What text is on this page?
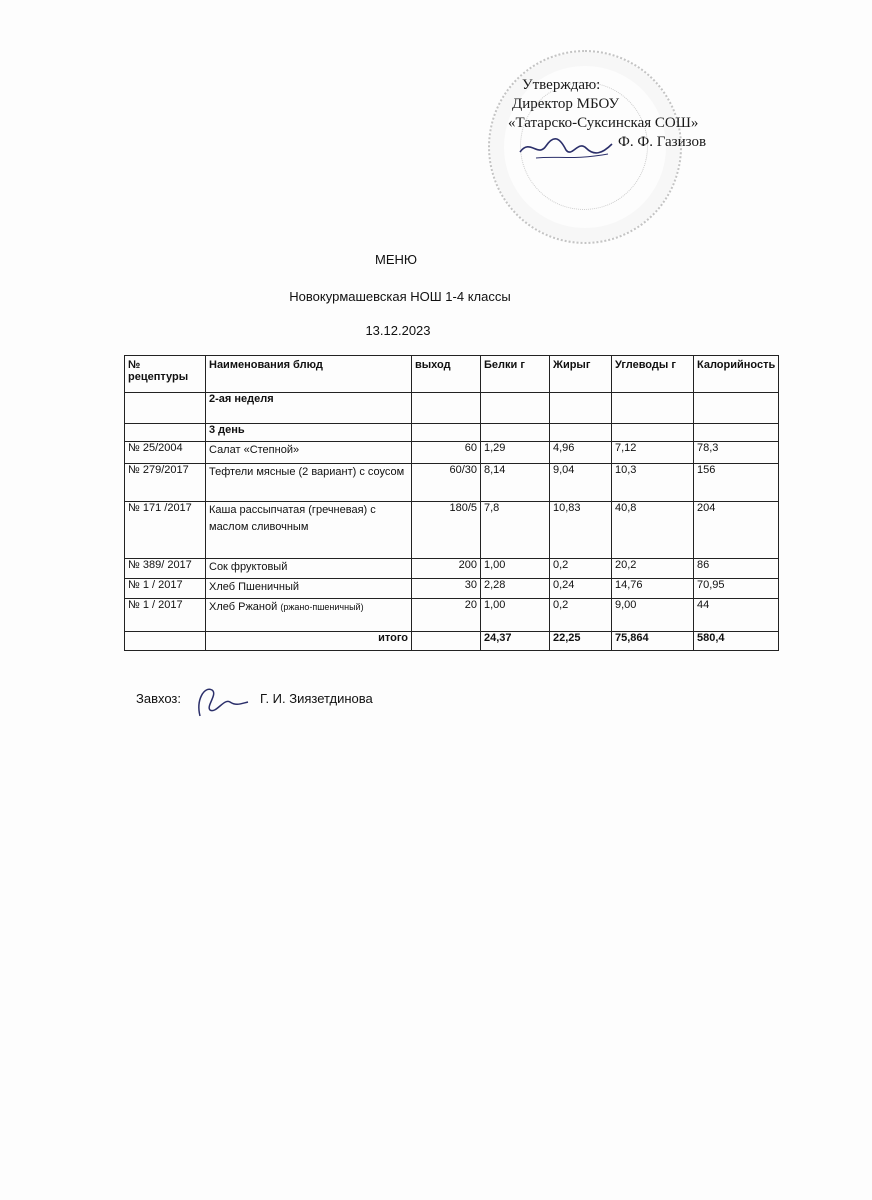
Утверждаю:
Директор МБОУ
«Татарско-Суксинская СОШ»
Ф. Ф. Газизов
МЕНЮ
Новокурмашевская НОШ 1-4 классы
13.12.2023
№ рецептуры	Наименования блюд	выход	Белки г	Жирыг	Углеводы г	Калорийность
	2-ая неделя					
	3 день					
№ 25/2004	Салат «Степной»	60	1,29	4,96	7,12	78,3
№ 279/2017	Тефтели мясные (2 вариант) с соусом	60/30	8,14	9,04	10,3	156
№ 171 /2017	Каша рассыпчатая (гречневая) с маслом сливочным	180/5	7,8	10,83	40,8	204
№ 389/ 2017	Сок фруктовый	200	1,00	0,2	20,2	86
№ 1 / 2017	Хлеб Пшеничный	30	2,28	0,24	14,76	70,95
№ 1 / 2017	Хлеб Ржаной (ржано-пшеничный)	20	1,00	0,2	9,00	44
	итого		24,37	22,25	75,864	580,4
Завхоз:	Г. И. Зиязетдинова
